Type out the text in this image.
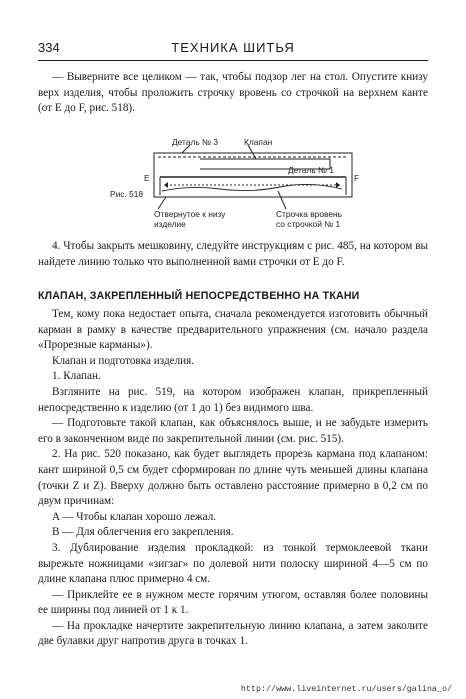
334	ТЕХНИКА ШИТЬЯ

— Выверните все целиком — так, чтобы подзор лег на стол. Опустите книзу верх изделия, чтобы проложить строчку вровень со строчкой на верхнем канте (от E до F, рис. 518).

Рис. 518
Деталь № 3	Клапан
Деталь № 1
E	F
Отвернутое к низу
изделие
Строчка вровень
со строчкой № 1

4. Чтобы закрыть мешковину, следуйте инструкциям с рис. 485, на котором вы найдете линию только что выполненной вами строчки от E до F.

КЛАПАН, ЗАКРЕПЛЕННЫЙ НЕПОСРЕДСТВЕННО НА ТКАНИ

Тем, кому пока недостает опыта, сначала рекомендуется изготовить обычный карман в рамку в качестве предварительного упражнения (см. начало раздела «Прорезные карманы»).

Клапан и подготовка изделия.

1. Клапан.

Взгляните на рис. 519, на котором изображен клапан, прикрепленный непосредственно к изделию (от 1 до 1) без видимого шва.

— Подготовьте такой клапан, как объяснялось выше, и не забудьте измерить его в законченном виде по закрепительной линии (см. рис. 515).

2. На рис. 520 показано, как будет выглядеть прорезь кармана под клапаном: кант шириной 0,5 см будет сформирован по длине чуть меньшей длины клапана (точки Z и Z). Вверху должно быть оставлено расстояние примерно в 0,2 см по двум причинам:

A — Чтобы клапан хорошо лежал.

B — Для облегчения его закрепления.

3. Дублирование изделия прокладкой: из тонкой термоклеевой ткани вырежьте ножницами «зигзаг» по долевой нити полоску шириной 4—5 см по длине клапана плюс примерно 4 см.

— Приклейте ее в нужном месте горячим утюгом, оставляя более половины ее ширины под линией от 1 к 1.

— На прокладке начертите закрепительную линию клапана, а затем заколите две булавки друг напротив друга в точках 1.

http://www.liveinternet.ru/users/galina_o/
